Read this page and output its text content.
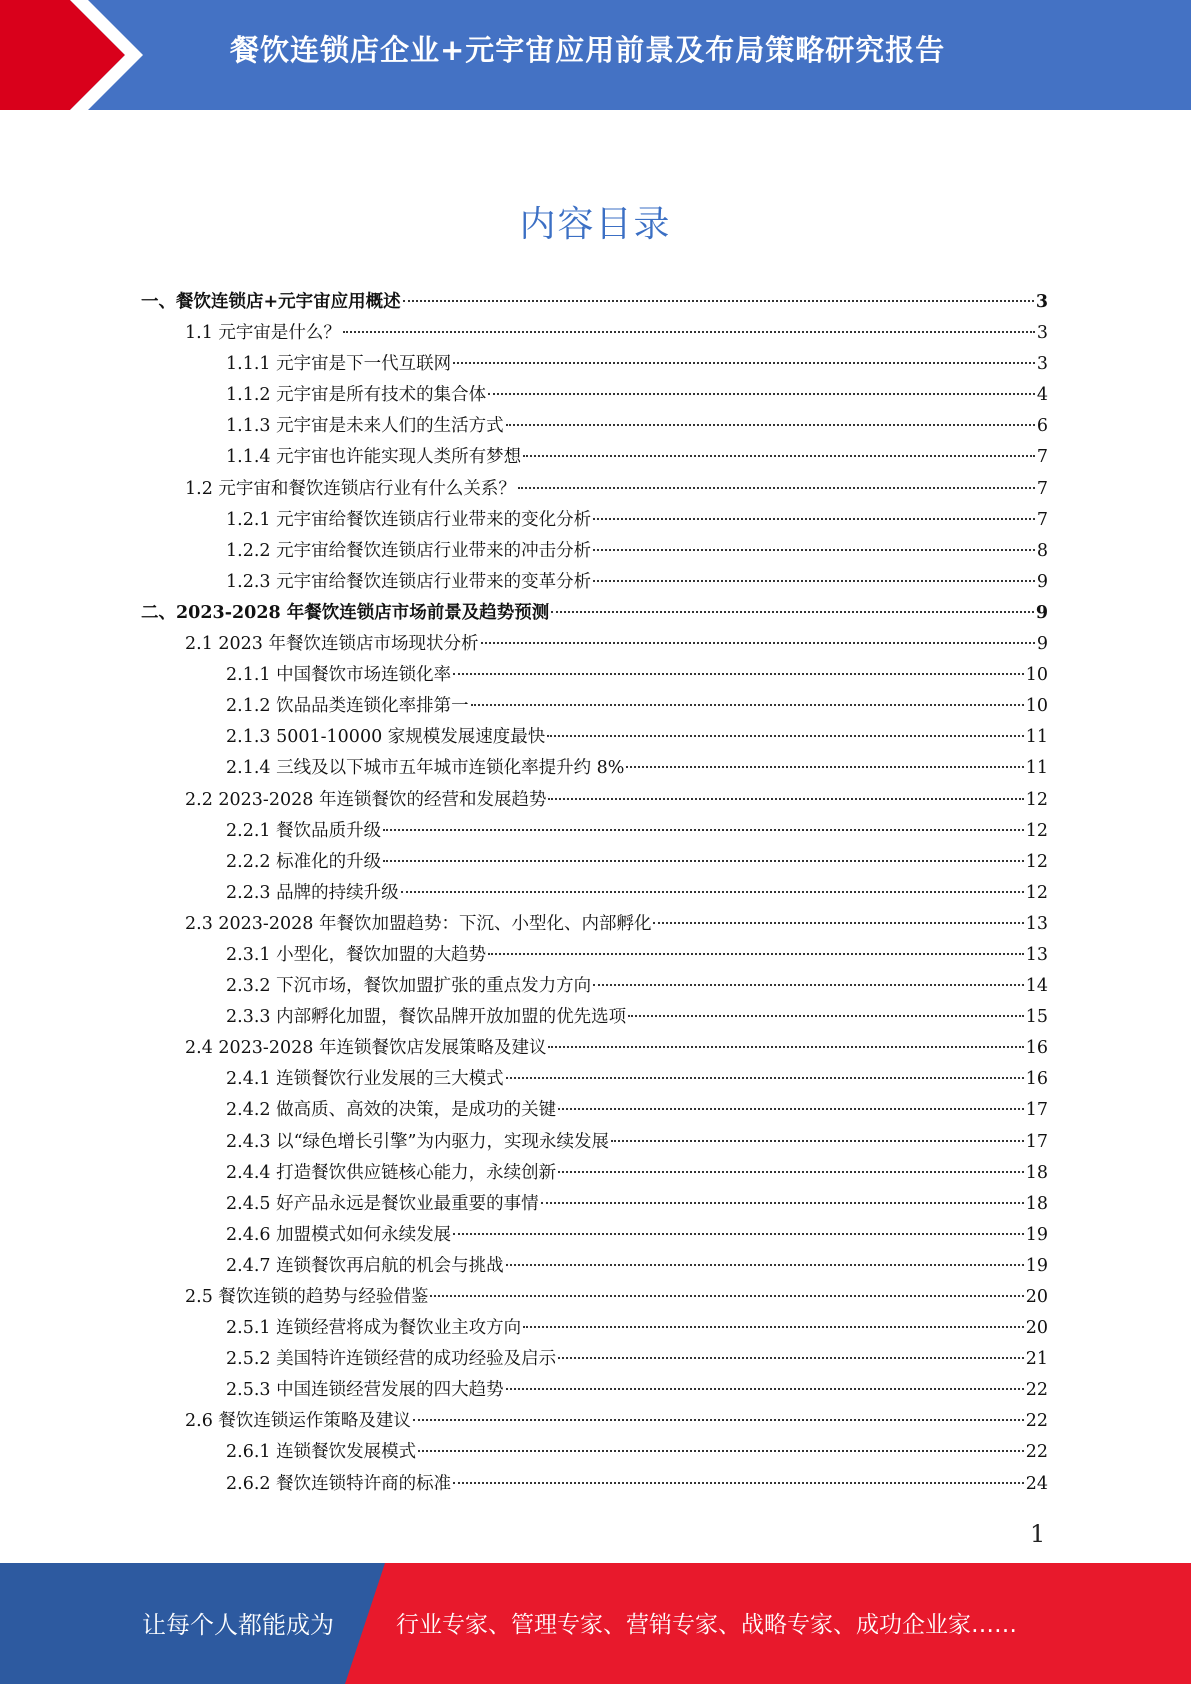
餐饮连锁店企业+元宇宙应用前景及布局策略研究报告
内容目录
一、餐饮连锁店+元宇宙应用概述	3
1.1 元宇宙是什么？	3
1.1.1 元宇宙是下一代互联网	3
1.1.2 元宇宙是所有技术的集合体	4
1.1.3 元宇宙是未来人们的生活方式	6
1.1.4 元宇宙也许能实现人类所有梦想	7
1.2 元宇宙和餐饮连锁店行业有什么关系？	7
1.2.1 元宇宙给餐饮连锁店行业带来的变化分析	7
1.2.2 元宇宙给餐饮连锁店行业带来的冲击分析	8
1.2.3 元宇宙给餐饮连锁店行业带来的变革分析	9
二、2023-2028 年餐饮连锁店市场前景及趋势预测	9
2.1 2023 年餐饮连锁店市场现状分析	9
2.1.1 中国餐饮市场连锁化率	10
2.1.2 饮品品类连锁化率排第一	10
2.1.3 5001-10000 家规模发展速度最快	11
2.1.4 三线及以下城市五年城市连锁化率提升约 8%	11
2.2 2023-2028 年连锁餐饮的经营和发展趋势	12
2.2.1 餐饮品质升级	12
2.2.2 标准化的升级	12
2.2.3 品牌的持续升级	12
2.3 2023-2028 年餐饮加盟趋势：下沉、小型化、内部孵化	13
2.3.1 小型化，餐饮加盟的大趋势	13
2.3.2 下沉市场，餐饮加盟扩张的重点发力方向	14
2.3.3 内部孵化加盟，餐饮品牌开放加盟的优先选项	15
2.4 2023-2028 年连锁餐饮店发展策略及建议	16
2.4.1 连锁餐饮行业发展的三大模式	16
2.4.2 做高质、高效的决策，是成功的关键	17
2.4.3 以“绿色增长引擎”为内驱力，实现永续发展	17
2.4.4 打造餐饮供应链核心能力，永续创新	18
2.4.5 好产品永远是餐饮业最重要的事情	18
2.4.6 加盟模式如何永续发展	19
2.4.7 连锁餐饮再启航的机会与挑战	19
2.5 餐饮连锁的趋势与经验借鉴	20
2.5.1 连锁经营将成为餐饮业主攻方向	20
2.5.2 美国特许连锁经营的成功经验及启示	21
2.5.3 中国连锁经营发展的四大趋势	22
2.6 餐饮连锁运作策略及建议	22
2.6.1 连锁餐饮发展模式	22
2.6.2 餐饮连锁特许商的标准	24
1
让每个人都能成为	行业专家、管理专家、营销专家、战略专家、成功企业家……
